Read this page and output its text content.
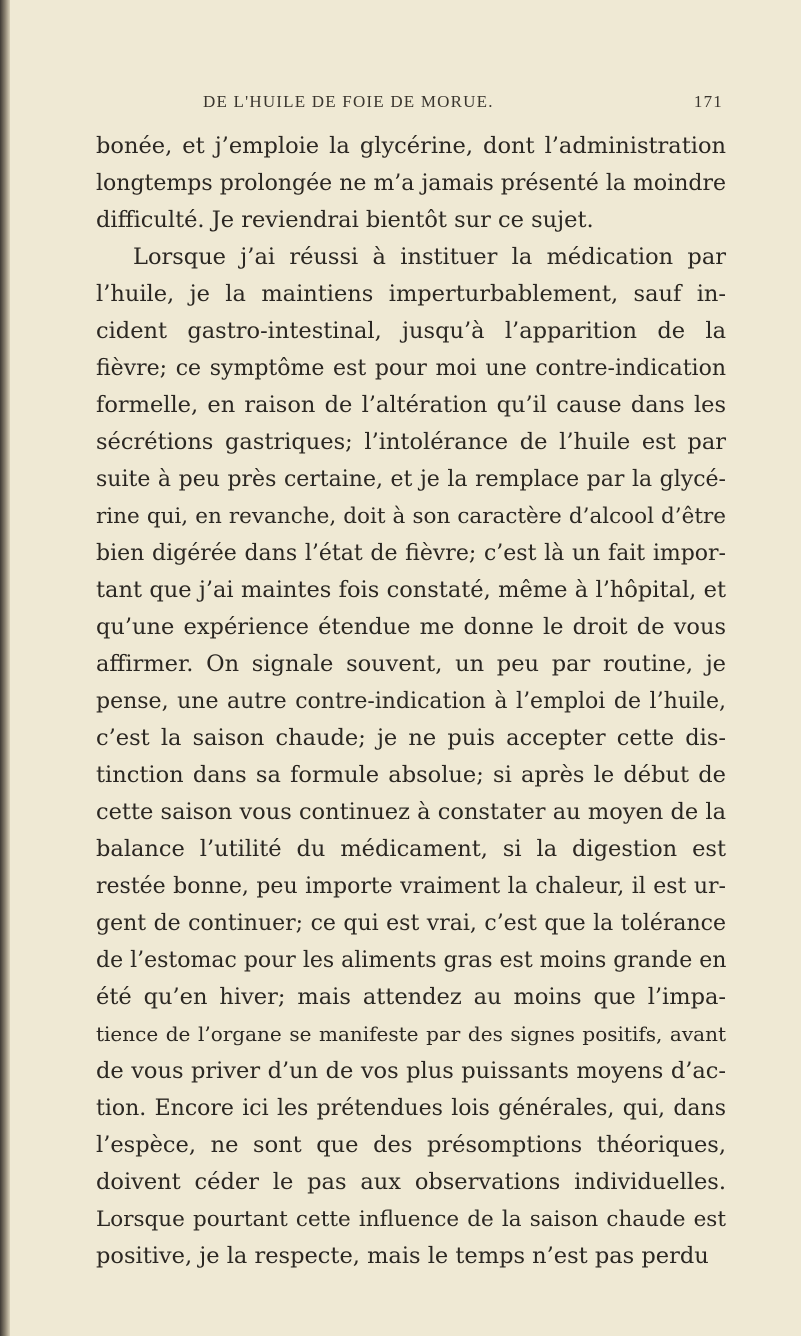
DE L'HUILE DE FOIE DE MORUE.	171
bonée, et j’emploie la glycérine, dont l’administration
longtemps prolongée ne m’a jamais présenté la moindre
difficulté. Je reviendrai bientôt sur ce sujet.
Lorsque j’ai réussi à instituer la médication par
l’huile, je la maintiens imperturbablement, sauf in-
cident gastro-intestinal, jusqu’à l’apparition de la
fièvre; ce symptôme est pour moi une contre-indication
formelle, en raison de l’altération qu’il cause dans les
sécrétions gastriques; l’intolérance de l’huile est par
suite à peu près certaine, et je la remplace par la glycé-
rine qui, en revanche, doit à son caractère d’alcool d’être
bien digérée dans l’état de fièvre; c’est là un fait impor-
tant que j’ai maintes fois constaté, même à l’hôpital, et
qu’une expérience étendue me donne le droit de vous
affirmer. On signale souvent, un peu par routine, je
pense, une autre contre-indication à l’emploi de l’huile,
c’est la saison chaude; je ne puis accepter cette dis-
tinction dans sa formule absolue; si après le début de
cette saison vous continuez à constater au moyen de la
balance l’utilité du médicament, si la digestion est
restée bonne, peu importe vraiment la chaleur, il est ur-
gent de continuer; ce qui est vrai, c’est que la tolérance
de l’estomac pour les aliments gras est moins grande en
été qu’en hiver; mais attendez au moins que l’impa-
tience de l’organe se manifeste par des signes positifs, avant
de vous priver d’un de vos plus puissants moyens d’ac-
tion. Encore ici les prétendues lois générales, qui, dans
l’espèce, ne sont que des présomptions théoriques,
doivent céder le pas aux observations individuelles.
Lorsque pourtant cette influence de la saison chaude est
positive, je la respecte, mais le temps n’est pas perdu
